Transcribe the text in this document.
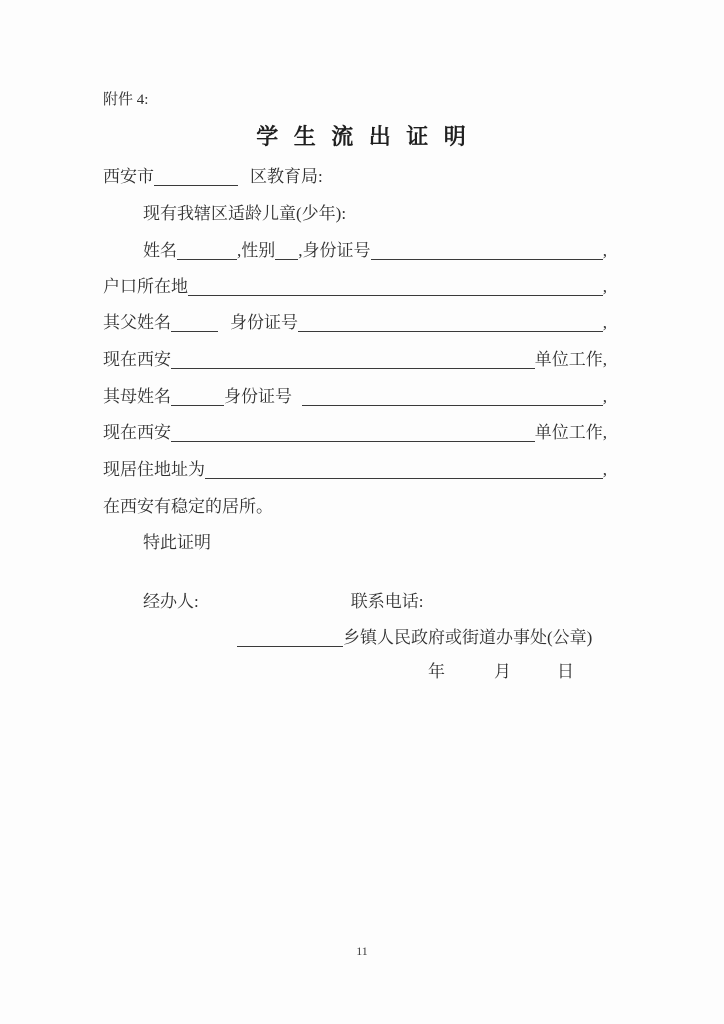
附件 4:
学 生 流 出 证 明
西安市	区教育局:
现有我辖区适龄儿童(少年):
姓名	, 性别 , 身份证号	,
户口所在地	,
其父姓名	身份证号	,
现在西安	单位工作,
其母姓名	身份证号	,
现在西安	单位工作,
现居住地址为	,
在西安有稳定的居所。
特此证明
经办人:	联系电话:
乡镇人民政府或街道办事处(公章)
年	月	日
11
